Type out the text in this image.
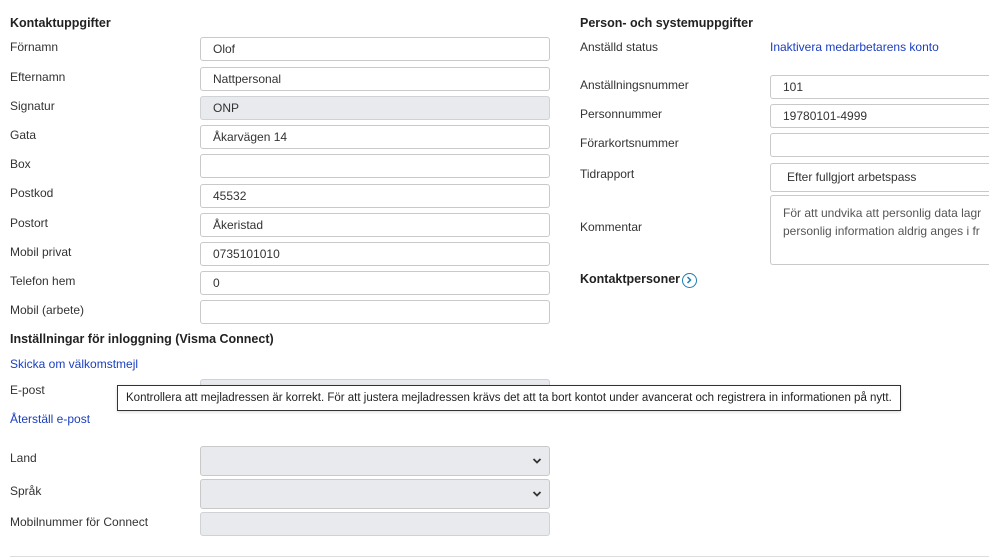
Kontaktuppgifter
Förnamn	Olof
Efternamn	Nattpersonal
Signatur	ONP
Gata	Åkarvägen 14
Box
Postkod	45532
Postort	Åkeristad
Mobil privat	0735101010
Telefon hem	0
Mobil (arbete)
Inställningar för inloggning (Visma Connect)
Skicka om välkomstmejl
E-post
Återställ e-post
Land
Språk
Mobilnummer för Connect
Person- och systemuppgifter
Anställd status	Inaktivera medarbetarens konto
Anställningsnummer	101
Personnummer	19780101-4999
Förarkortsnummer
Tidrapport	Efter fullgjort arbetspass
Kommentar
För att undvika att personlig data lagr
personlig information aldrig anges i fr
Kontaktpersoner
Kontrollera att mejladressen är korrekt. För att justera mejladressen krävs det att ta bort kontot under avancerat och registrera in informationen på nytt.
